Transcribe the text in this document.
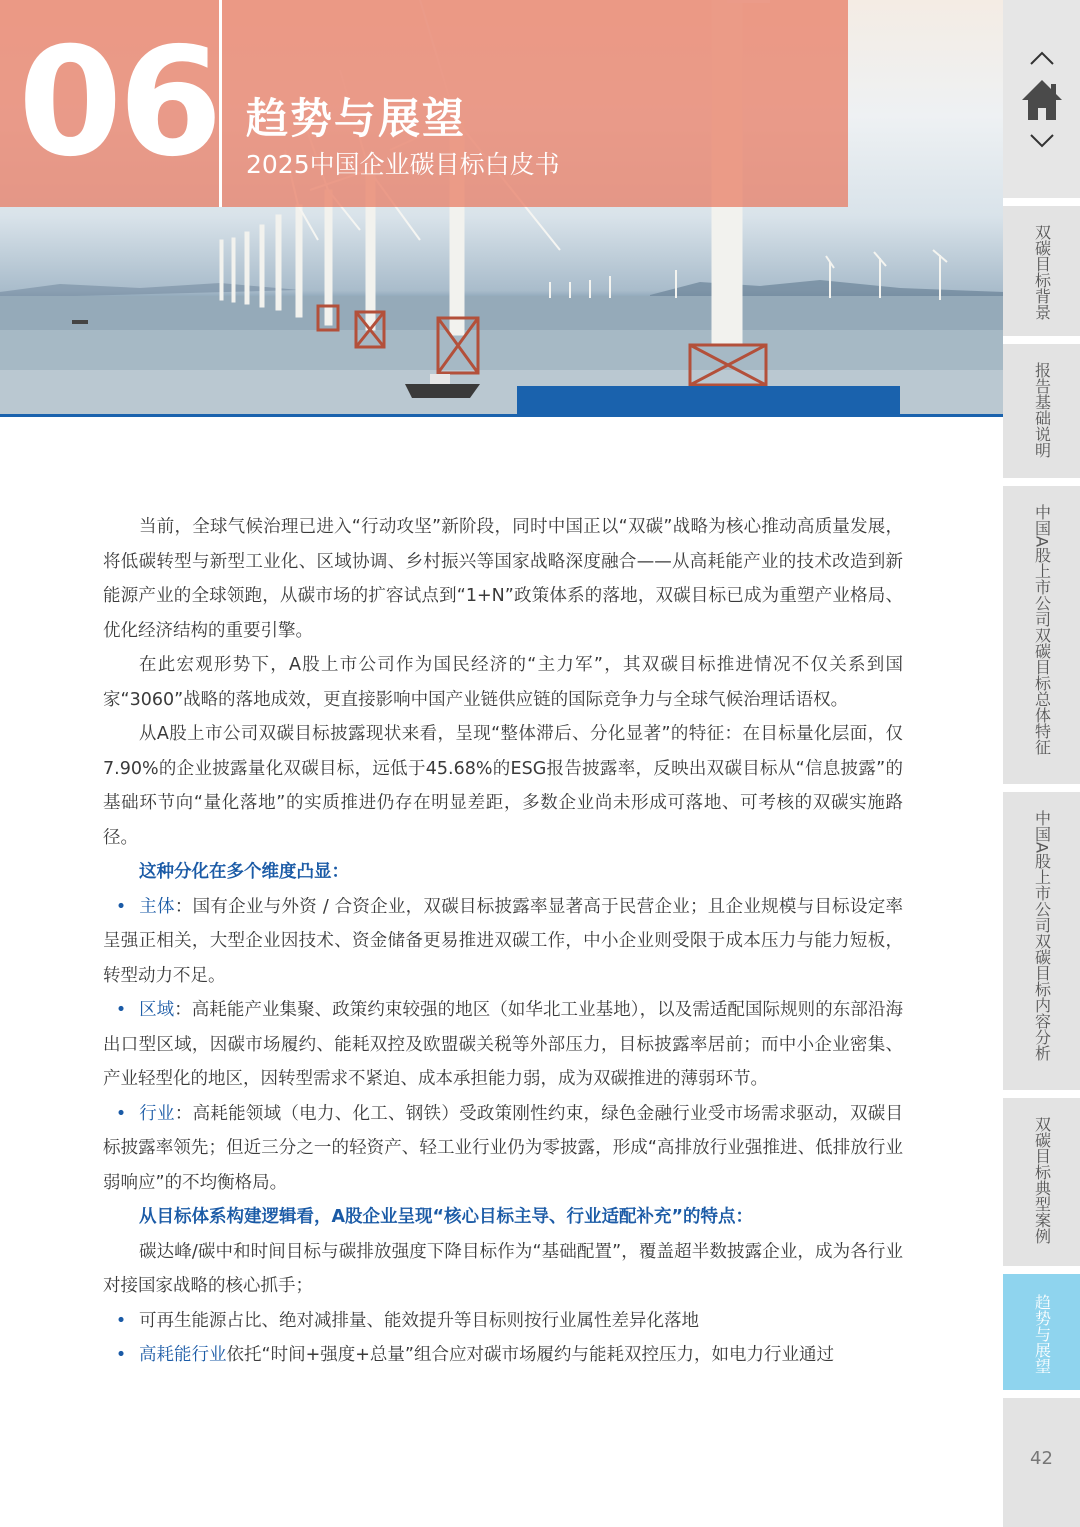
06 趋势与展望
2025中国企业碳目标白皮书
双碳目标背景
报告基础说明
中国A股上市公司双碳目标总体特征
中国A股上市公司双碳目标内容分析
双碳目标典型案例
趋势与展望
42

当前，全球气候治理已进入“行动攻坚”新阶段，同时中国正以“双碳”战略为核心推动高质量发展，将低碳转型与新型工业化、区域协调、乡村振兴等国家战略深度融合——从高耗能产业的技术改造到新能源产业的全球领跑，从碳市场的扩容试点到“1+N”政策体系的落地，双碳目标已成为重塑产业格局、优化经济结构的重要引擎。

在此宏观形势下，A股上市公司作为国民经济的“主力军”，其双碳目标推进情况不仅关系到国家“3060”战略的落地成效，更直接影响中国产业链供应链的国际竞争力与全球气候治理话语权。

从A股上市公司双碳目标披露现状来看，呈现“整体滞后、分化显著”的特征：在目标量化层面，仅7.90%的企业披露量化双碳目标，远低于45.68%的ESG报告披露率，反映出双碳目标从“信息披露”的基础环节向“量化落地”的实质推进仍存在明显差距，多数企业尚未形成可落地、可考核的双碳实施路径。

这种分化在多个维度凸显：

• 主体：国有企业与外资 / 合资企业，双碳目标披露率显著高于民营企业；且企业规模与目标设定率呈强正相关，大型企业因技术、资金储备更易推进双碳工作，中小企业则受限于成本压力与能力短板，转型动力不足。

• 区域：高耗能产业集聚、政策约束较强的地区（如华北工业基地），以及需适配国际规则的东部沿海出口型区域，因碳市场履约、能耗双控及欧盟碳关税等外部压力，目标披露率居前；而中小企业密集、产业轻型化的地区，因转型需求不紧迫、成本承担能力弱，成为双碳推进的薄弱环节。

• 行业：高耗能领域（电力、化工、钢铁）受政策刚性约束，绿色金融行业受市场需求驱动，双碳目标披露率领先；但近三分之一的轻资产、轻工业行业仍为零披露，形成“高排放行业强推进、低排放行业弱响应”的不均衡格局。

从目标体系构建逻辑看，A股企业呈现“核心目标主导、行业适配补充”的特点：

碳达峰/碳中和时间目标与碳排放强度下降目标作为“基础配置”，覆盖超半数披露企业，成为各行业对接国家战略的核心抓手；

• 可再生能源占比、绝对减排量、能效提升等目标则按行业属性差异化落地

• 高耗能行业依托“时间+强度+总量”组合应对碳市场履约与能耗双控压力，如电力行业通过
